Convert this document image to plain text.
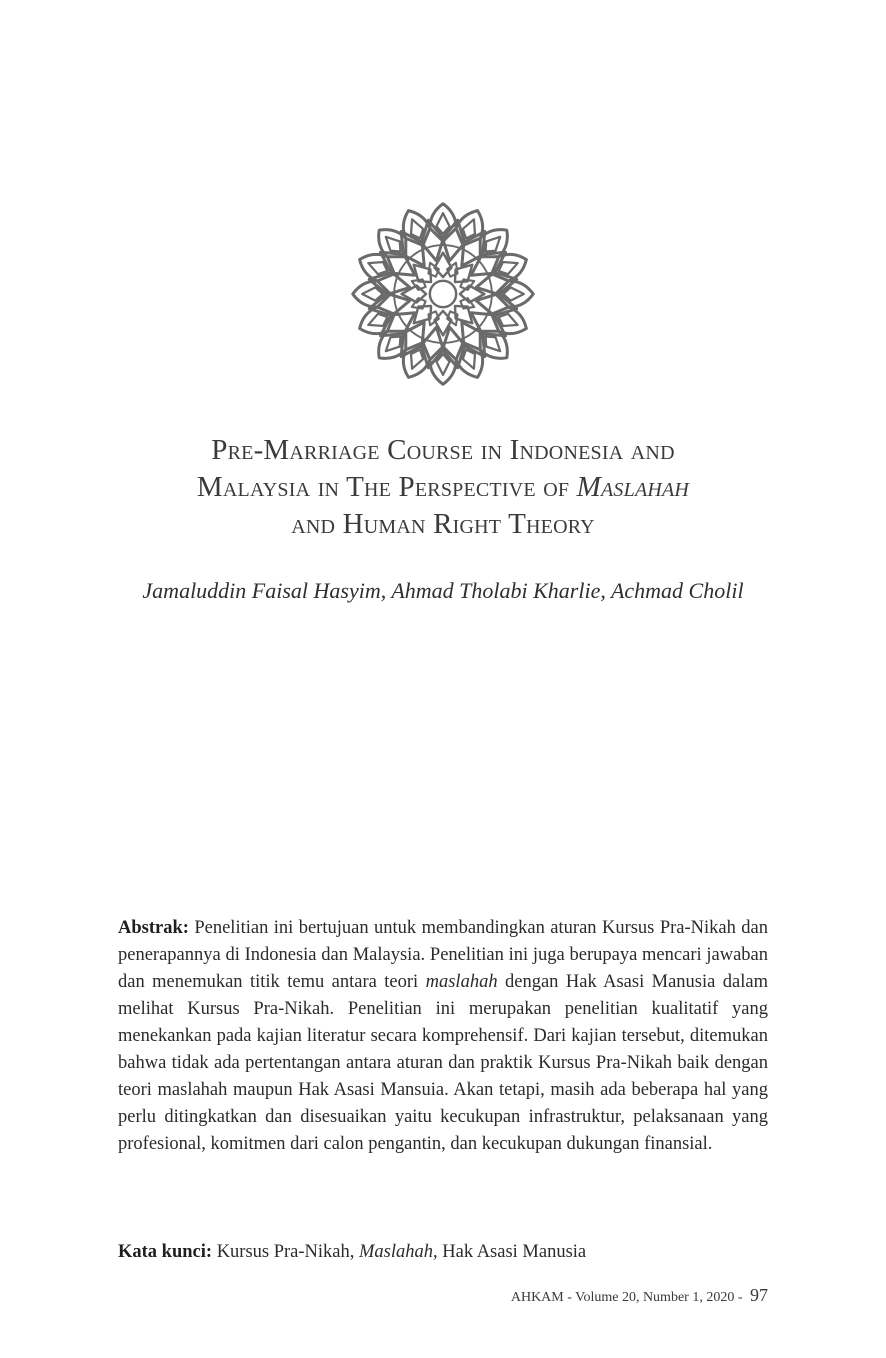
Pre-Marriage Course in Indonesia and
Malaysia in The Perspective of Maslahah
and Human Right Theory
Jamaluddin Faisal Hasyim, Ahmad Tholabi Kharlie, Achmad Cholil

Abstrak: Penelitian ini bertujuan untuk membandingkan aturan Kursus Pra-Nikah dan penerapannya di Indonesia dan Malaysia. Penelitian ini juga berupaya mencari jawaban dan menemukan titik temu antara teori maslahah dengan Hak Asasi Manusia dalam melihat Kursus Pra-Nikah. Penelitian ini merupakan penelitian kualitatif yang menekankan pada kajian literatur secara komprehensif. Dari kajian tersebut, ditemukan bahwa tidak ada pertentangan antara aturan dan praktik Kursus Pra-Nikah baik dengan teori maslahah maupun Hak Asasi Mansuia. Akan tetapi, masih ada beberapa hal yang perlu ditingkatkan dan disesuaikan yaitu kecukupan infrastruktur, pelaksanaan yang profesional, komitmen dari calon pengantin, dan kecukupan dukungan finansial.

Kata kunci: Kursus Pra-Nikah, Maslahah, Hak Asasi Manusia

AHKAM - Volume 20, Number 1, 2020 - 97
